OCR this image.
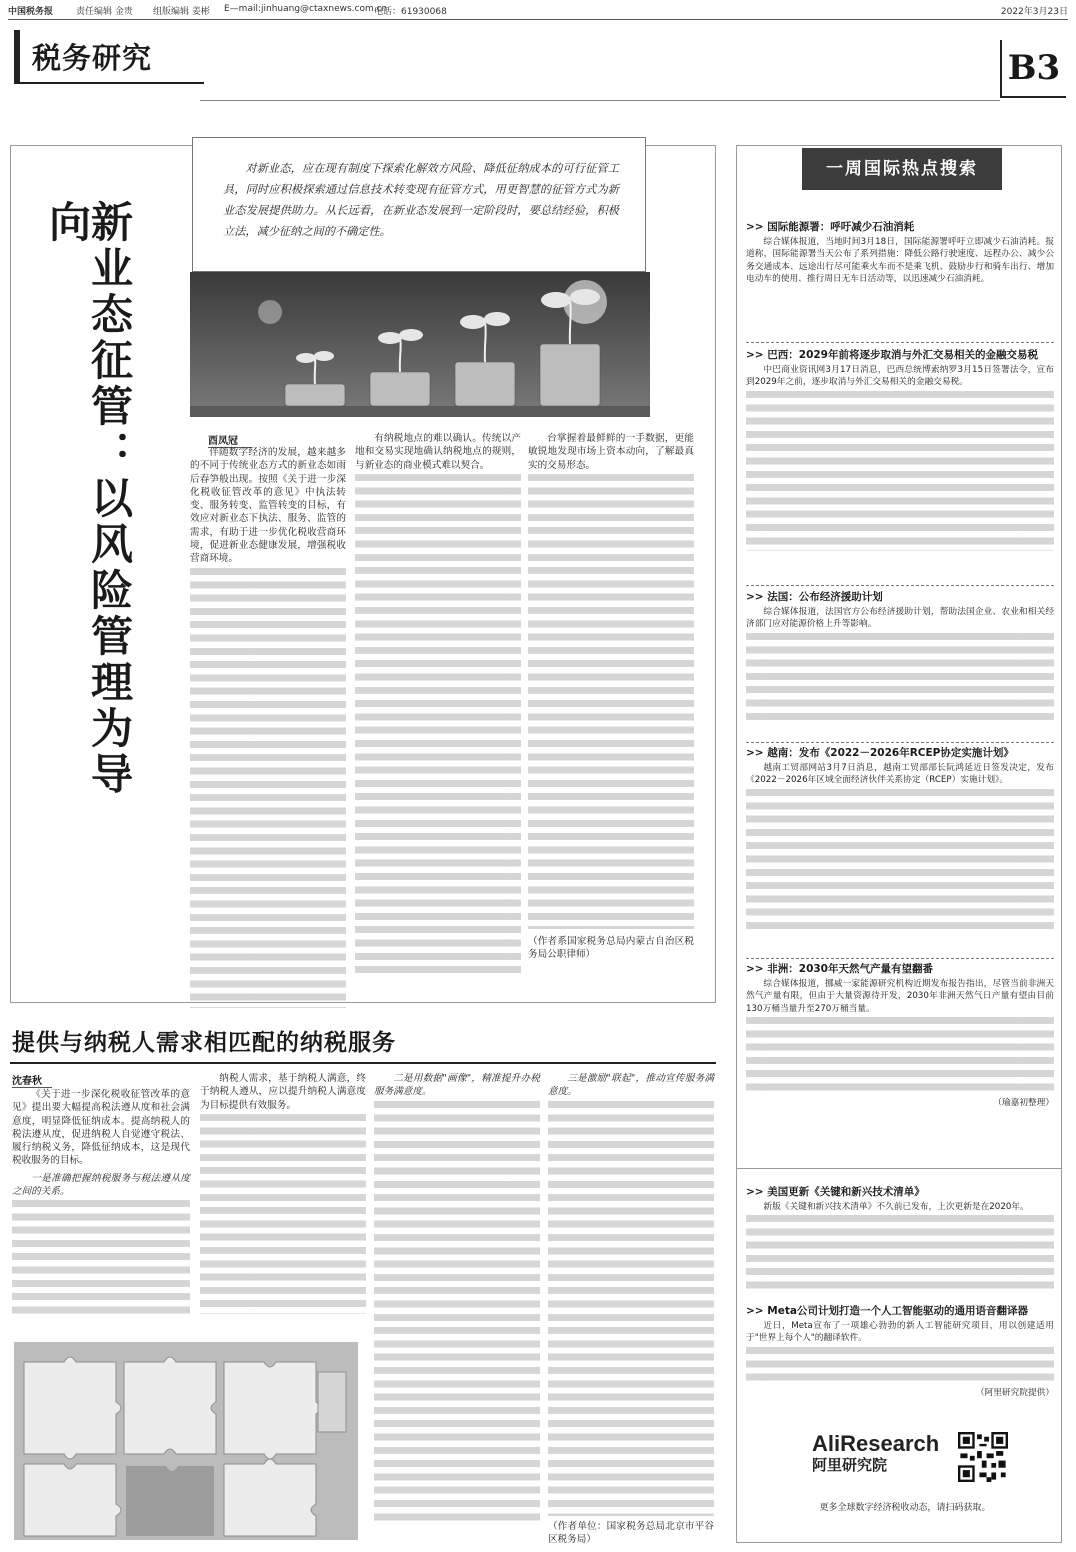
中国税务报	责任编辑 金贵 组版编辑 姜彬 E—mail:jinhuang@ctaxnews.com.cn
电话：61930068	2022年3月23日
税务研究	B3
新业态征管：以风险管理为导向
对新业态，应在现有制度下探索化解效方风险、降低征纳成本的可行征管工具，同时应积极探索通过信息技术转变现有征管方式，用更智慧的征管方式为新业态发展提供助力。从长远看，在新业态发展到一定阶段时，要总结经验，积极立法，减少征纳之间的不确定性。
酉凤冠

伴随数字经济的发展，越来越多的不同于传统业态方式的新业态如雨后春笋般出现。按照《关于进一步深化税收征管改革的意见》中执法转变、服务转变、监管转变的目标，有效应对新业态下执法、服务、监管的需求，有助于进一步优化税收营商环境，促进新业态健康发展，增强税收营商环境。

有纳税地点的难以确认。传统以产地和交易实现地确认纳税地点的规则，与新业态的商业模式难以契合。

台掌握着最鲜鲜的一手数据，更能敏锐地发现市场上资本动向，了解最真实的交易形态。

（作者系国家税务总局内蒙古自治区税务局公职律师）

提供与纳税人需求相匹配的纳税服务
沈春秋

《关于进一步深化税收征管改革的意见》提出要大幅提高税法遵从度和社会满意度，明显降低征纳成本。提高纳税人的税法遵从度，促进纳税人自觉遵守税法、履行纳税义务，降低征纳成本，这是现代税收服务的目标。

一是准确把握纳税服务与税法遵从度之间的关系。

纳税人需求，基于纳税人满意，终于纳税人遵从，应以提升纳税人满意度为目标提供有效服务。

二是用数据"画像"，精准提升办税服务满意度。

三是激励"联起"，推动宣传服务满意度。

（作者单位：国家税务总局北京市平谷区税务局）

一周国际热点搜索
>> 国际能源署：呼吁减少石油消耗

综合媒体报道，当地时间3月18日，国际能源署呼吁立即减少石油消耗。报道称，国际能源署当天公布了系列措施：降低公路行驶速度、远程办公、减少公务交通成本、远途出行尽可能乘火车而不是乘飞机、鼓励步行和骑车出行、增加电动车的使用、推行周日无车日活动等，以迅速减少石油消耗。

>> 巴西：2029年前将逐步取消与外汇交易相关的金融交易税

中巴商业资讯网3月17日消息，巴西总统博索纳罗3月15日签署法令，宣布到2029年之前，逐步取消与外汇交易相关的金融交易税。

>> 法国：公布经济援助计划

综合媒体报道，法国官方公布经济援助计划，帮助法国企业、农业和相关经济部门应对能源价格上升等影响。

>> 越南：发布《2022－2026年RCEP协定实施计划》

越南工贸部网站3月7日消息，越南工贸部部长阮鸿延近日签发决定，发布《2022－2026年区域全面经济伙伴关系协定（RCEP）实施计划》。

>> 非洲：2030年天然气产量有望翻番

综合媒体报道，挪威一家能源研究机构近期发布报告指出，尽管当前非洲天然气产量有限，但由于大量资源待开发，2030年非洲天然气日产量有望由目前130万桶当量升至270万桶当量。

（瑜嘉初整理）
>> 美国更新《关键和新兴技术清单》

新版《关键和新兴技术清单》不久前已发布，上次更新是在2020年。

>> Meta公司计划打造一个人工智能驱动的通用语音翻译器

近日，Meta宣布了一项雄心勃勃的新人工智能研究项目，用以创建适用于"世界上每个人"的翻译软件。

（阿里研究院提供）
AliResearch
阿里研究院
更多全球数字经济税收动态，请扫码获取。
